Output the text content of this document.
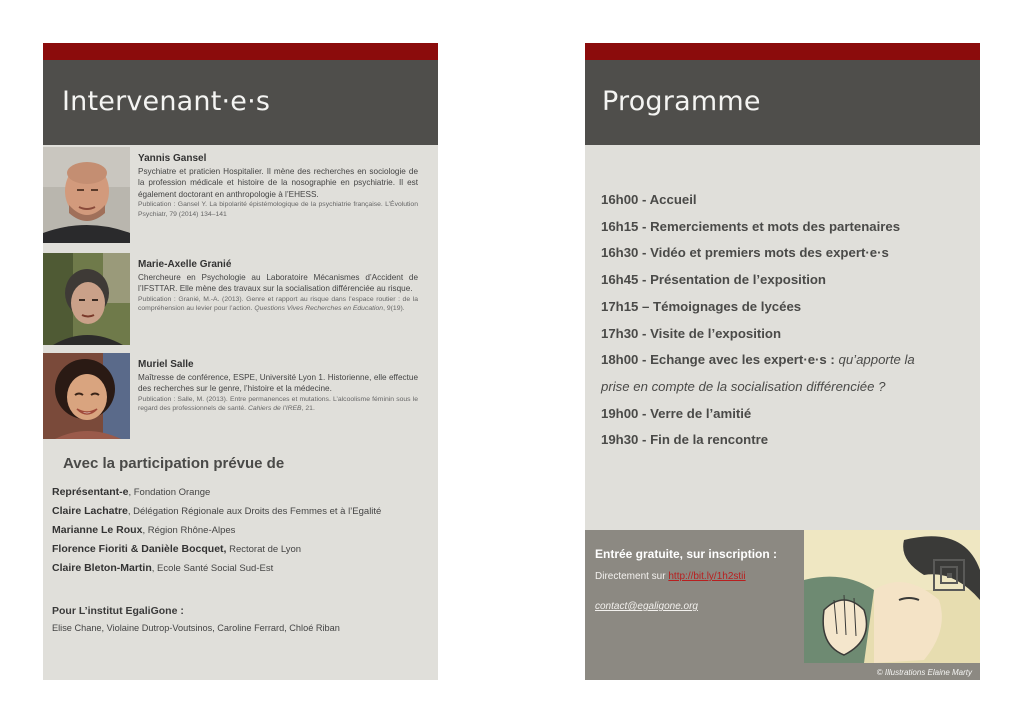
Intervenant·e·s
Yannis Gansel
Psychiatre et praticien Hospitalier. Il mène des recherches en sociologie de la profession médicale et histoire de la nosographie en psychiatrie. Il est également doctorant en anthropologie à l’EHESS.
Publication : Gansel Y. La bipolarité épistémologique de la psychiatrie française. L’Évolution Psychiatr, 79 (2014) 134–141
Marie-Axelle Granié
Chercheure en Psychologie au Laboratoire Mécanismes d’Accident de l’IFSTTAR. Elle mène des travaux sur la socialisation différenciée au risque.
Publication : Granié, M.-A. (2013). Genre et rapport au risque dans l’espace routier : de la compréhension au levier pour l’action. Questions Vives Recherches en Education, 9(19).
Muriel Salle
Maîtresse de conférence, ESPE, Université Lyon 1. Historienne, elle effectue des recherches sur le genre, l’histoire et la médecine.
Publication : Salle, M. (2013). Entre permanences et mutations. L’alcoolisme féminin sous le regard des professionnels de santé. Cahiers de l’IREB, 21.
Avec la participation prévue de
Représentant-e, Fondation Orange
Claire Lachatre, Délégation Régionale aux Droits des Femmes et à l’Egalité
Marianne Le Roux, Région Rhône-Alpes
Florence Fioriti & Danièle Bocquet, Rectorat de Lyon
Claire Bleton-Martin, Ecole Santé Social Sud-Est
Pour L’institut EgaliGone :
Elise Chane, Violaine Dutrop-Voutsinos, Caroline Ferrard, Chloé Riban
Programme
16h00 - Accueil
16h15 - Remerciements et mots des partenaires
16h30 - Vidéo et premiers mots des expert·e·s
16h45 - Présentation de l’exposition
17h15 – Témoignages de lycées
17h30 - Visite de l’exposition
18h00 - Echange avec les expert·e·s : qu’apporte la
prise en compte de la socialisation différenciée ?
19h00 - Verre de l’amitié
19h30 - Fin de la rencontre
Entrée gratuite, sur inscription :
Directement sur http://bit.ly/1h2stii
contact@egaligone.org
© Illustrations Elaine Marty
